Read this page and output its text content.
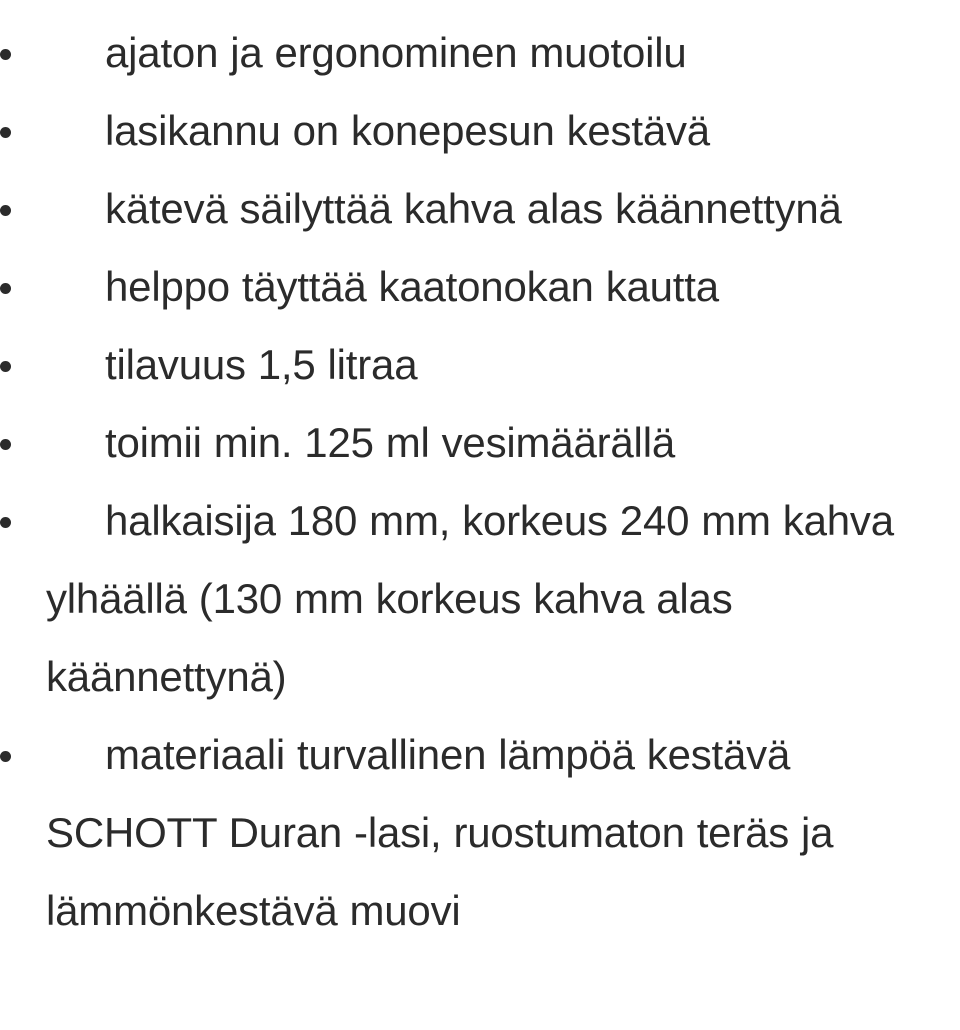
ajaton ja ergonominen muotoilu
lasikannu on konepesun kestävä
kätevä säilyttää kahva alas käännettynä
helppo täyttää kaatonokan kautta
tilavuus 1,5 litraa
toimii min. 125 ml vesimäärällä
halkaisija 180 mm, korkeus 240 mm kahva ylhäällä (130 mm korkeus kahva alas käännettynä)
materiaali turvallinen lämpöä kestävä SCHOTT Duran -lasi, ruostumaton teräs ja lämmönkestävä muovi
